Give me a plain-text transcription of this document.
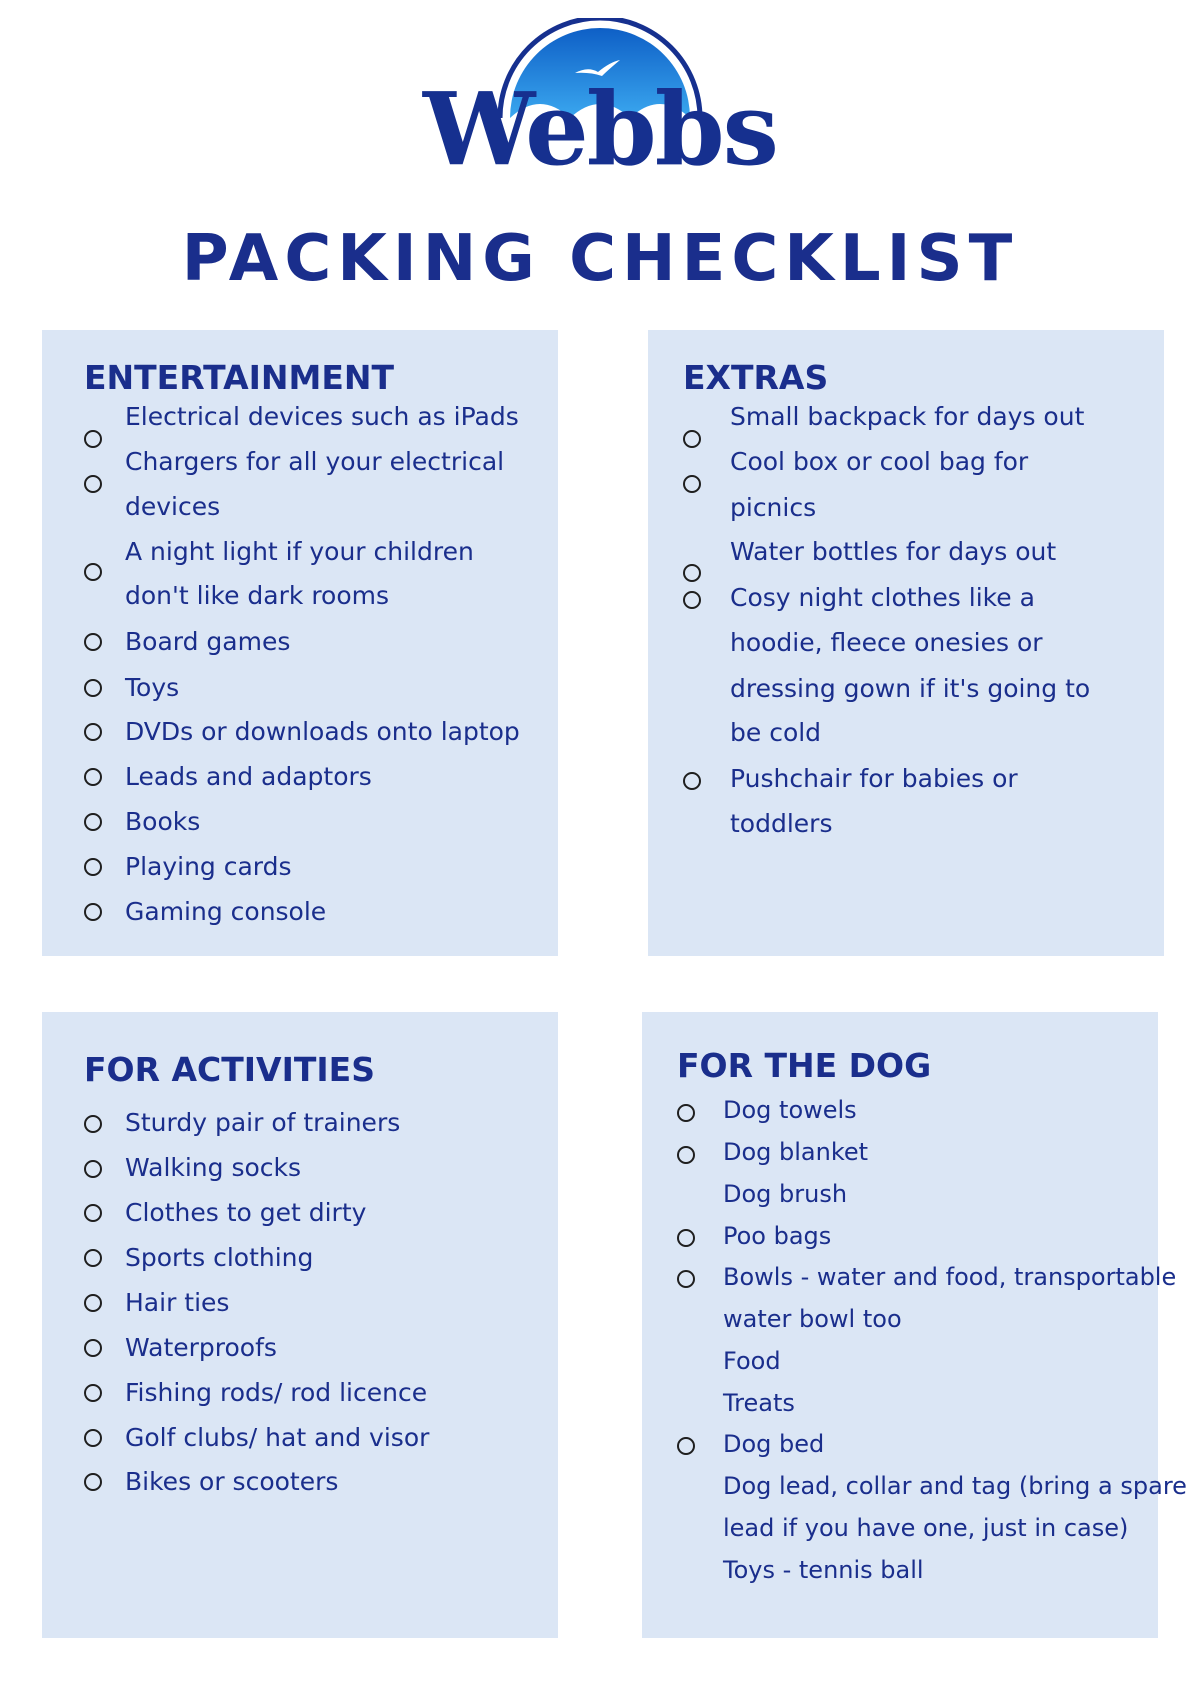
Webbs
PACKING CHECKLIST
ENTERTAINMENT
Electrical devices such as iPads
Chargers for all your electrical
devices
A night light if your children
don't like dark rooms
Board games
Toys
DVDs or downloads onto laptop
Leads and adaptors
Books
Playing cards
Gaming console
EXTRAS
Small backpack for days out
Cool box or cool bag for
picnics
Water bottles for days out
Cosy night clothes like a
hoodie, fleece onesies or
dressing gown if it's going to
be cold
Pushchair for babies or
toddlers
FOR ACTIVITIES
Sturdy pair of trainers
Walking socks
Clothes to get dirty
Sports clothing
Hair ties
Waterproofs
Fishing rods/ rod licence
Golf clubs/ hat and visor
Bikes or scooters
FOR THE DOG
Dog towels
Dog blanket
Dog brush
Poo bags
Bowls - water and food, transportable
water bowl too
Food
Treats
Dog bed
Dog lead, collar and tag (bring a spare
lead if you have one, just in case)
Toys - tennis ball
